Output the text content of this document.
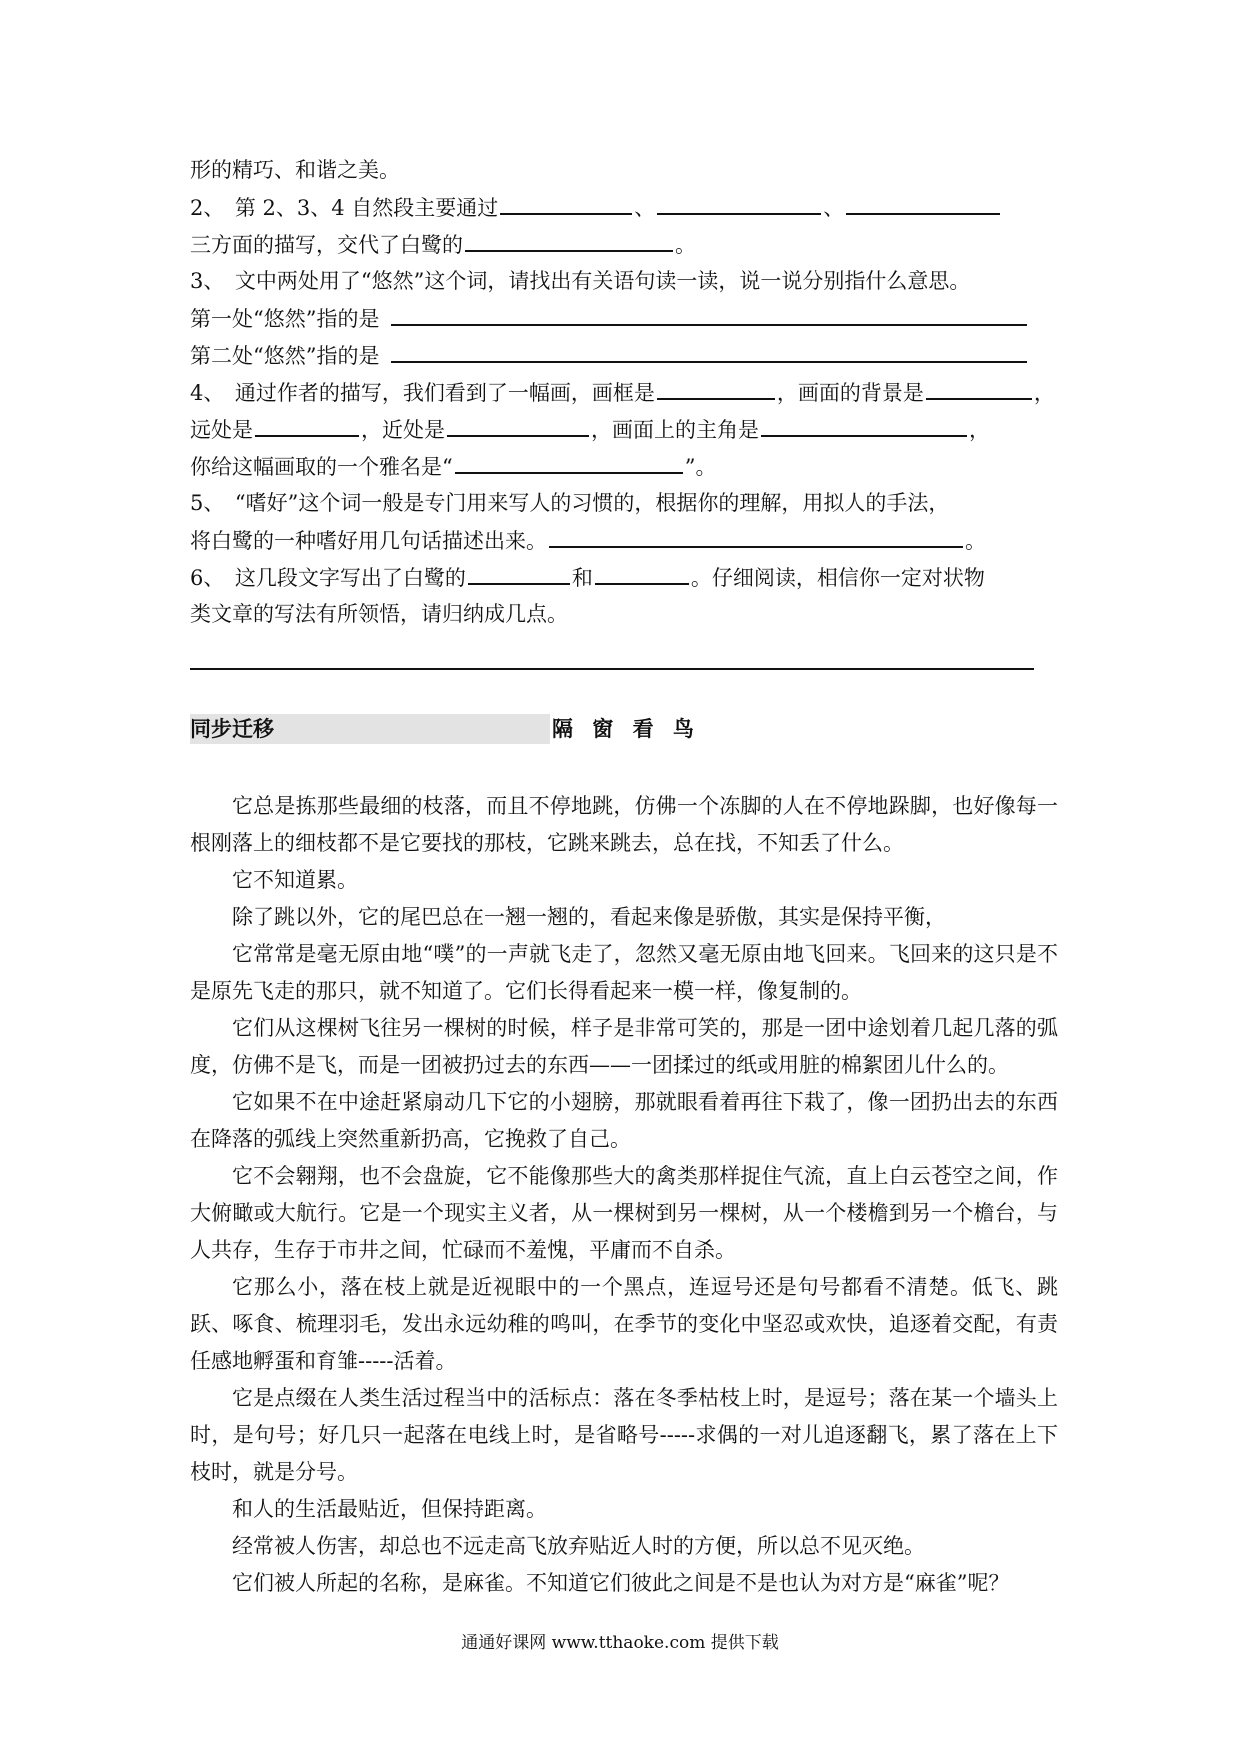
形的精巧、和谐之美。
2、　第 2、3、4 自然段主要通过	、	、
三方面的描写，交代了白鹭的	。
3、　文中两处用了“悠然”这个词，请找出有关语句读一读，说一说分别指什么意思。
第一处“悠然”指的是
第二处“悠然”指的是
4、　通过作者的描写，我们看到了一幅画，画框是	，画面的背景是	，
远处是	，近处是	，画面上的主角是	，
你给这幅画取的一个雅名是“	”。
5、　“嗜好”这个词一般是专门用来写人的习惯的，根据你的理解，用拟人的手法，
将白鹭的一种嗜好用几句话描述出来。	。
6、　这几段文字写出了白鹭的	和	。仔细阅读，相信你一定对状物
类文章的写法有所领悟，请归纳成几点。
同步迁移	隔 窗 看 鸟
它总是拣那些最细的枝落，而且不停地跳，仿佛一个冻脚的人在不停地跺脚，也好像每一根刚落上的细枝都不是它要找的那枝，它跳来跳去，总在找，不知丢了什么。
它不知道累。
除了跳以外，它的尾巴总在一翘一翘的，看起来像是骄傲，其实是保持平衡，
它常常是毫无原由地“噗”的一声就飞走了，忽然又毫无原由地飞回来。飞回来的这只是不是原先飞走的那只，就不知道了。它们长得看起来一模一样，像复制的。
它们从这棵树飞往另一棵树的时候，样子是非常可笑的，那是一团中途划着几起几落的弧度，仿佛不是飞，而是一团被扔过去的东西——一团揉过的纸或用脏的棉絮团儿什么的。
它如果不在中途赶紧扇动几下它的小翅膀，那就眼看着再往下栽了，像一团扔出去的东西在降落的弧线上突然重新扔高，它挽救了自己。
它不会翱翔，也不会盘旋，它不能像那些大的禽类那样捉住气流，直上白云苍空之间，作大俯瞰或大航行。它是一个现实主义者，从一棵树到另一棵树，从一个楼檐到另一个檐台，与人共存，生存于市井之间，忙碌而不羞愧，平庸而不自杀。
它那么小，落在枝上就是近视眼中的一个黑点，连逗号还是句号都看不清楚。低飞、跳跃、啄食、梳理羽毛，发出永远幼稚的鸣叫，在季节的变化中坚忍或欢快，追逐着交配，有责任感地孵蛋和育雏-----活着。
它是点缀在人类生活过程当中的活标点：落在冬季枯枝上时，是逗号；落在某一个墙头上时，是句号；好几只一起落在电线上时，是省略号-----求偶的一对儿追逐翻飞，累了落在上下枝时，就是分号。
和人的生活最贴近，但保持距离。
经常被人伤害，却总也不远走高飞放弃贴近人时的方便，所以总不见灭绝。
它们被人所起的名称，是麻雀。不知道它们彼此之间是不是也认为对方是“麻雀”呢？
通通好课网 www.tthaoke.com 提供下载
